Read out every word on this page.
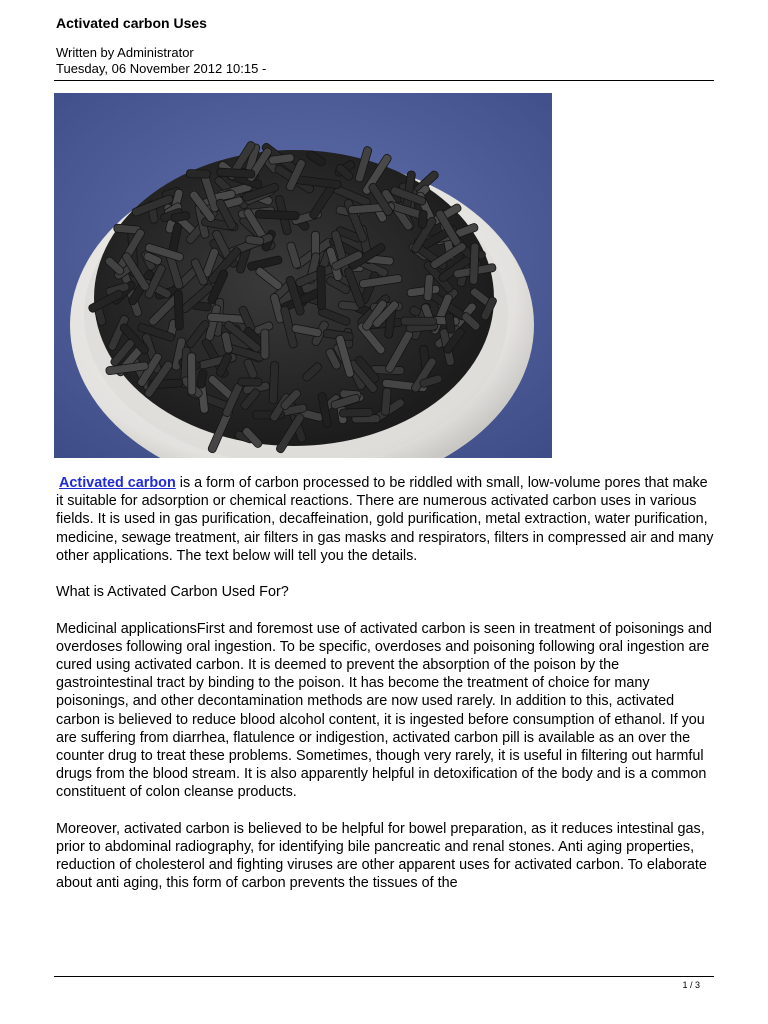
Activated carbon Uses
Written by Administrator
Tuesday, 06 November 2012 10:15 -

Activated carbon is a form of carbon processed to be riddled with small, low-volume pores that make it suitable for adsorption or chemical reactions. There are numerous activated carbon uses in various fields. It is used in gas purification, decaffeination, gold purification, metal extraction, water purification, medicine, sewage treatment, air filters in gas masks and respirators, filters in compressed air and many other applications. The text below will tell you the details.

What is Activated Carbon Used For?

Medicinal applicationsFirst and foremost use of activated carbon is seen in treatment of poisonings and overdoses following oral ingestion. To be specific, overdoses and poisoning following oral ingestion are cured using activated carbon. It is deemed to prevent the absorption of the poison by the gastrointestinal tract by binding to the poison. It has become the treatment of choice for many poisonings, and other decontamination methods are now used rarely. In addition to this, activated carbon is believed to reduce blood alcohol content, it is ingested before consumption of ethanol. If you are suffering from diarrhea, flatulence or indigestion, activated carbon pill is available as an over the counter drug to treat these problems. Sometimes, though very rarely, it is useful in filtering out harmful drugs from the blood stream. It is also apparently helpful in detoxification of the body and is a common constituent of colon cleanse products.

Moreover, activated carbon is believed to be helpful for bowel preparation, as it reduces intestinal gas, prior to abdominal radiography, for identifying bile pancreatic and renal stones. Anti aging properties, reduction of cholesterol and fighting viruses are other apparent uses for activated carbon. To elaborate about anti aging, this form of carbon prevents the tissues of the

1 / 3
